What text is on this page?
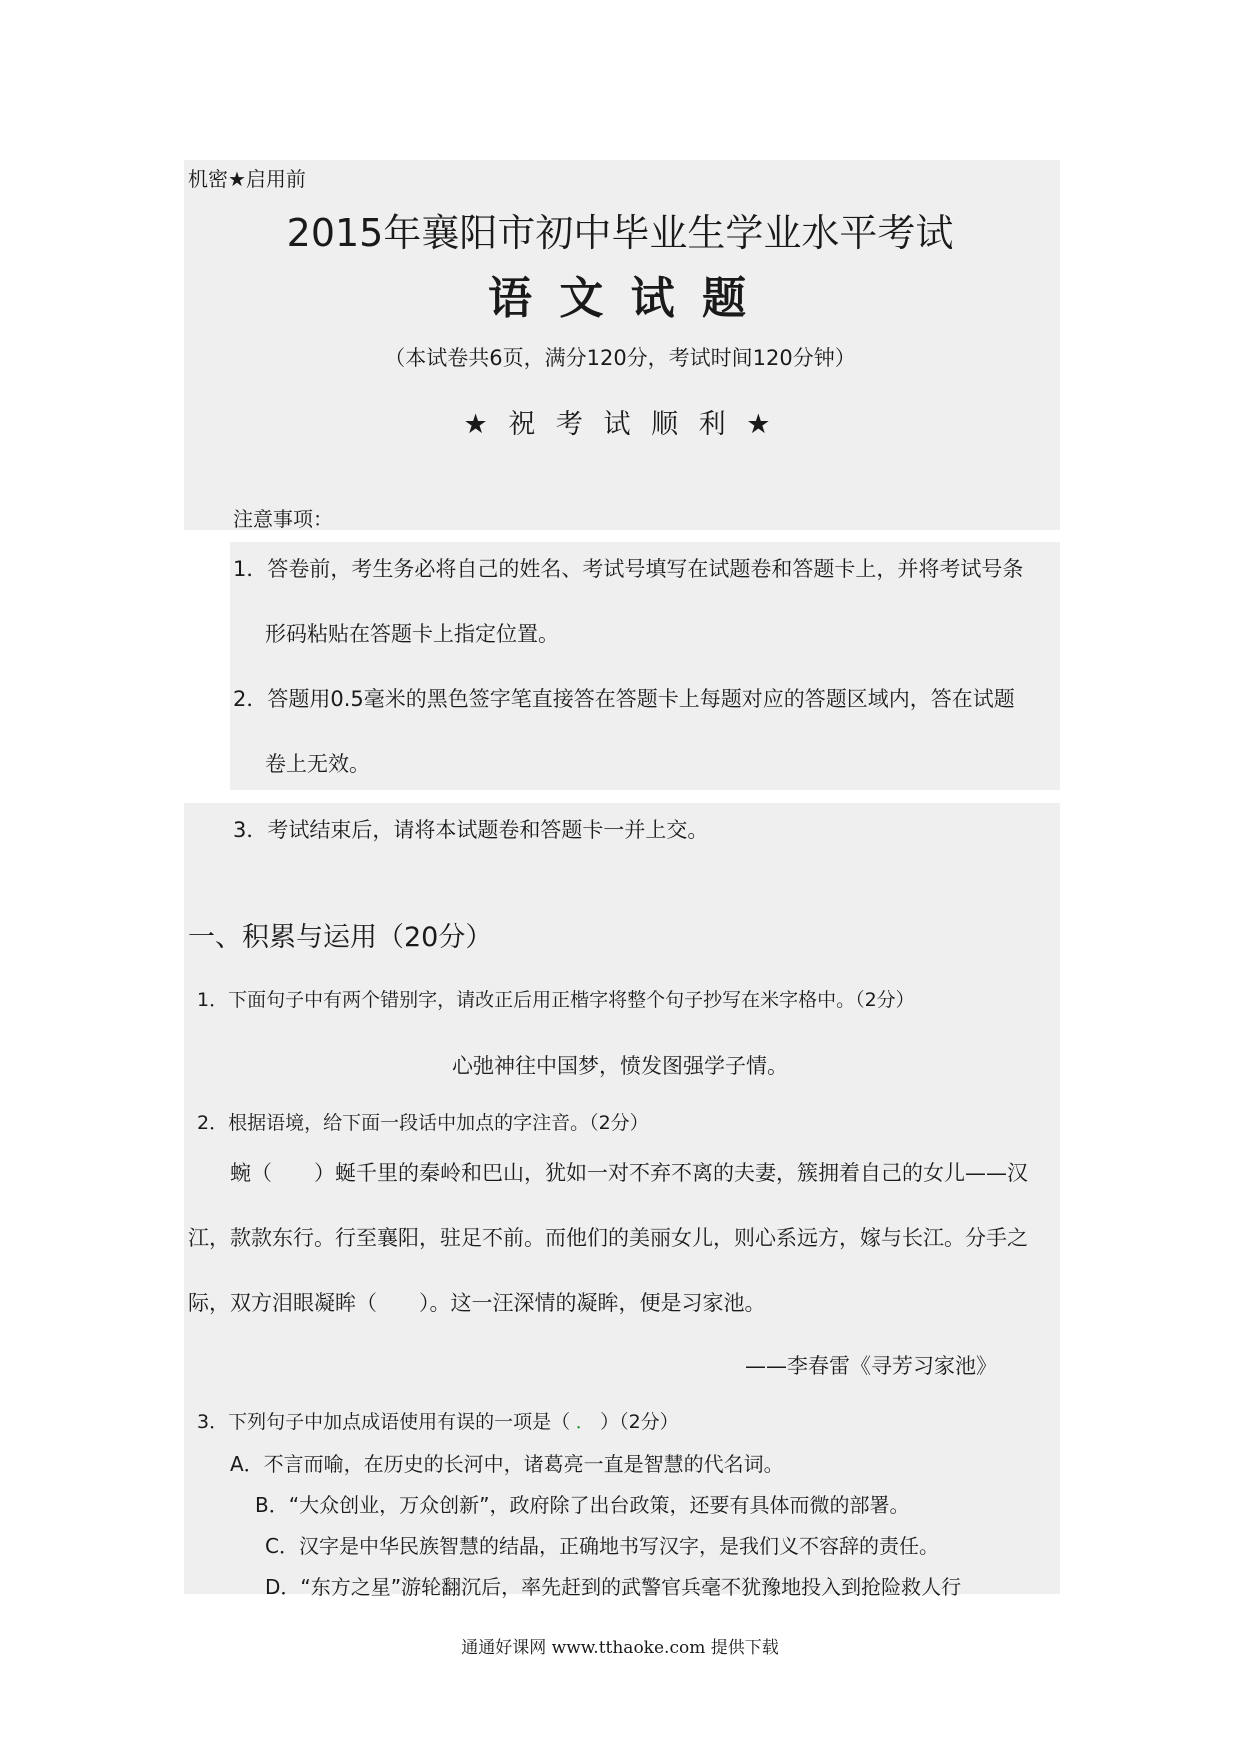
机密★启用前
2015年襄阳市初中毕业生学业水平考试
语 文 试 题
（本试卷共6页，满分120分，考试时间120分钟）
★ 祝 考 试 顺 利 ★
注意事项：
1．答卷前，考生务必将自己的姓名、考试号填写在试题卷和答题卡上，并将考试号条
形码粘贴在答题卡上指定位置。
2．答题用0.5毫米的黑色签字笔直接答在答题卡上每题对应的答题区域内，答在试题
卷上无效。
3．考试结束后，请将本试题卷和答题卡一并上交。
一、积累与运用（20分）
1．下面句子中有两个错别字，请改正后用正楷字将整个句子抄写在米字格中。（2分）
心弛神往中国梦，愤发图强学子情。
2．根据语境，给下面一段话中加点的字注音。（2分）
蜿（　　）蜒千里的秦岭和巴山，犹如一对不弃不离的夫妻，簇拥着自己的女儿——汉
江，款款东行。行至襄阳，驻足不前。而他们的美丽女儿，则心系远方，嫁与长江。分手之
际，双方泪眼凝眸（　　）。这一汪深情的凝眸，便是习家池。
——李春雷《寻芳习家池》
3．下列句子中加点成语使用有误的一项是（ ． ）（2分）
A．不言而喻，在历史的长河中，诸葛亮一直是智慧的代名词。
B．“大众创业，万众创新”，政府除了出台政策，还要有具体而微的部署。
C．汉字是中华民族智慧的结晶，正确地书写汉字，是我们义不容辞的责任。
D．“东方之星”游轮翻沉后，率先赶到的武警官兵毫不犹豫地投入到抢险救人行
通通好课网 www.tthaoke.com 提供下载
